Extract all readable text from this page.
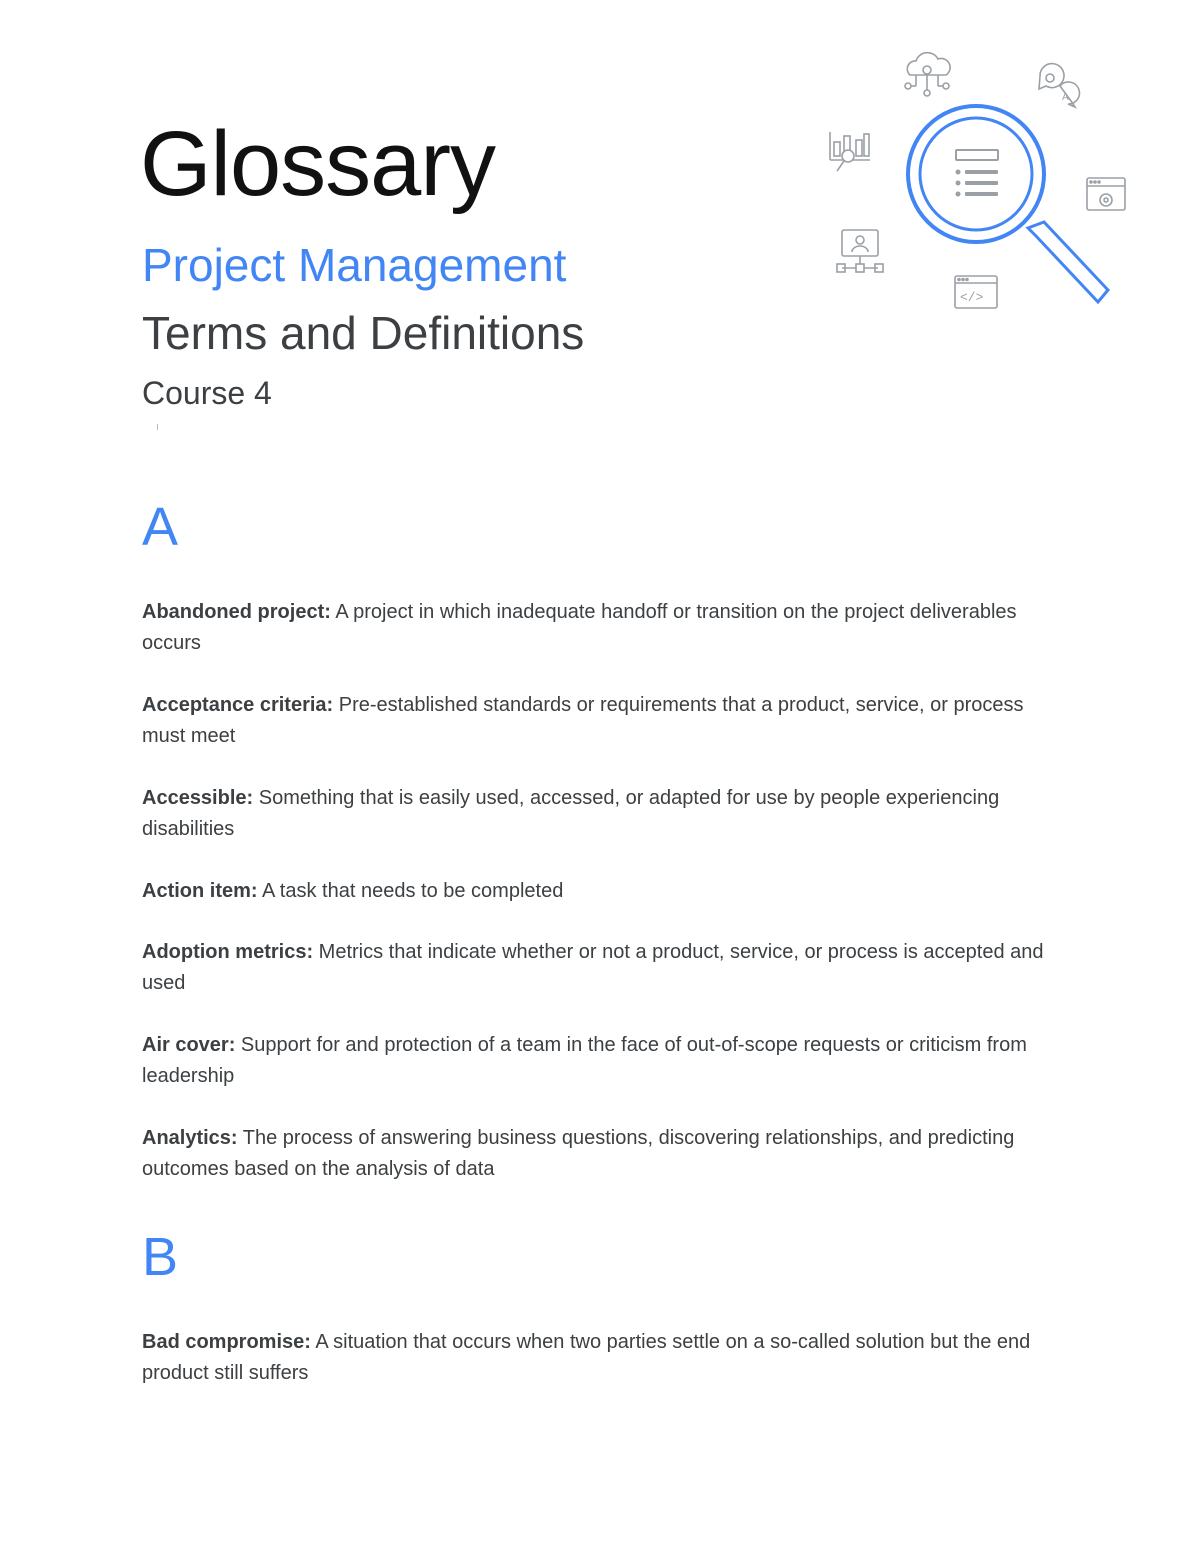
Glossary
Project Management
Terms and Definitions
Course 4
A
</>
A
Abandoned project: A project in which inadequate handoff or transition on the project deliverables occurs
Acceptance criteria: Pre-established standards or requirements that a product, service, or process must meet
Accessible: Something that is easily used, accessed, or adapted for use by people experiencing disabilities
Action item: A task that needs to be completed
Adoption metrics: Metrics that indicate whether or not a product, service, or process is accepted and used
Air cover: Support for and protection of a team in the face of out-of-scope requests or criticism from leadership
Analytics: The process of answering business questions, discovering relationships, and predicting outcomes based on the analysis of data
B
Bad compromise: A situation that occurs when two parties settle on a so-called solution but the end product still suffers
